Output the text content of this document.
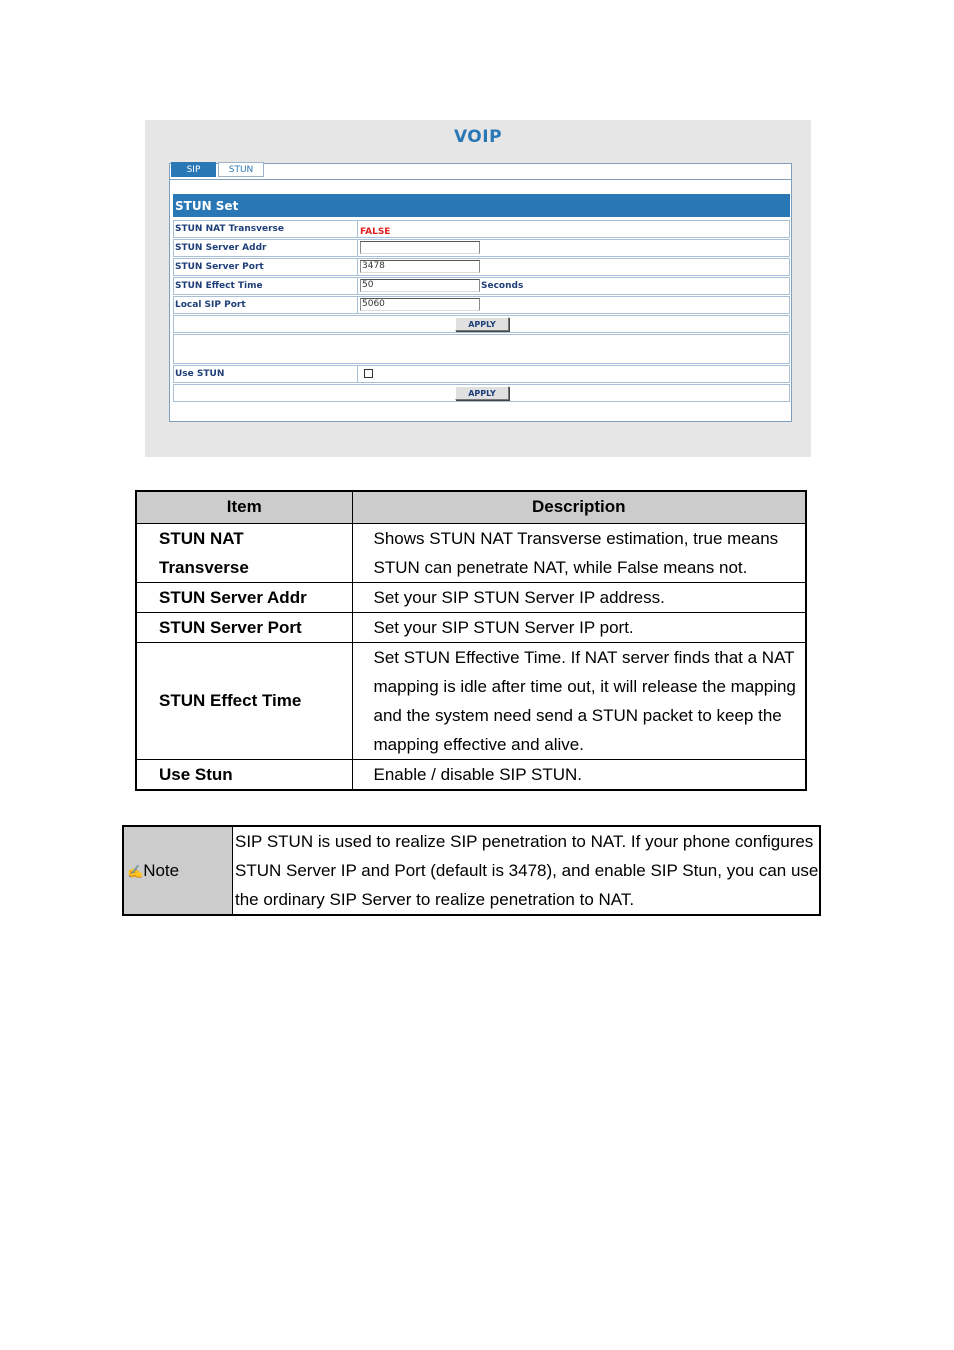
VOIP
SIP	STUN
STUN Set
STUN NAT Transverse	FALSE
STUN Server Addr
STUN Server Port	3478
STUN Effect Time	50	Seconds
Local SIP Port	5060
APPLY
Use STUN
APPLY
Item	Description
STUN NAT
Transverse	Shows STUN NAT Transverse estimation, true means STUN can penetrate NAT, while False means not.
STUN Server Addr	Set your SIP STUN Server IP address.
STUN Server Port	Set your SIP STUN Server IP port.
STUN Effect Time	Set STUN Effective Time. If NAT server finds that a NAT mapping is idle after time out, it will release the mapping and the system need send a STUN packet to keep the mapping effective and alive.
Use Stun	Enable / disable SIP STUN.
✍Note	SIP STUN is used to realize SIP penetration to NAT. If your phone configures STUN Server IP and Port (default is 3478), and enable SIP Stun, you can use the ordinary SIP Server to realize penetration to NAT.
